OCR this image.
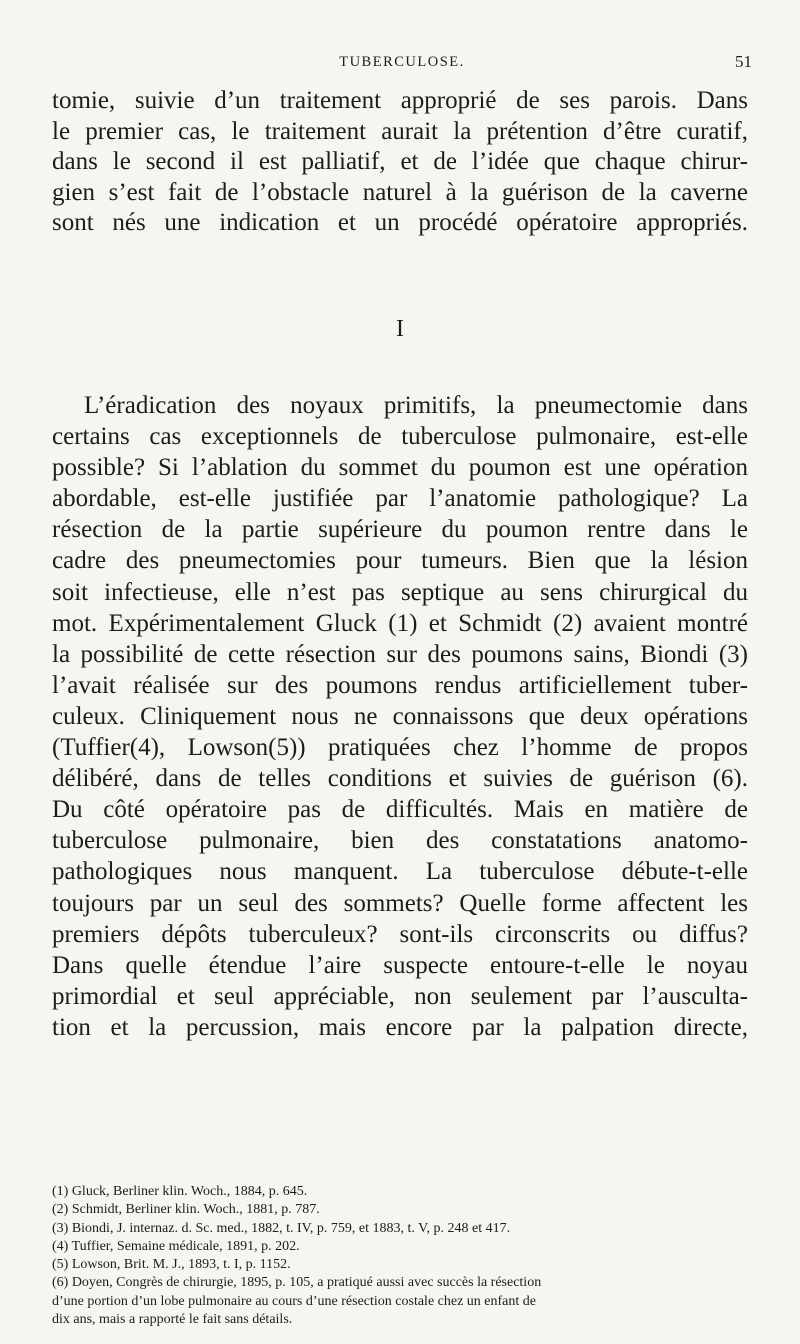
TUBERCULOSE.	51
tomie, suivie d’un traitement approprié de ses parois. Dans
le premier cas, le traitement aurait la prétention d’être curatif,
dans le second il est palliatif, et de l’idée que chaque chirur-
gien s’est fait de l’obstacle naturel à la guérison de la caverne
sont nés une indication et un procédé opératoire appropriés.
I
L’éradication des noyaux primitifs, la pneumectomie dans
certains cas exceptionnels de tuberculose pulmonaire, est-elle
possible? Si l’ablation du sommet du poumon est une opération
abordable, est-elle justifiée par l’anatomie pathologique? La
résection de la partie supérieure du poumon rentre dans le
cadre des pneumectomies pour tumeurs. Bien que la lésion
soit infectieuse, elle n’est pas septique au sens chirurgical du
mot. Expérimentalement Gluck (1) et Schmidt (2) avaient montré
la possibilité de cette résection sur des poumons sains, Biondi (3)
l’avait réalisée sur des poumons rendus artificiellement tuber-
culeux. Cliniquement nous ne connaissons que deux opérations
(Tuffier(4), Lowson(5)) pratiquées chez l’homme de propos
délibéré, dans de telles conditions et suivies de guérison (6).
Du côté opératoire pas de difficultés. Mais en matière de
tuberculose pulmonaire, bien des constatations anatomo-
pathologiques nous manquent. La tuberculose débute-t-elle
toujours par un seul des sommets? Quelle forme affectent les
premiers dépôts tuberculeux? sont-ils circonscrits ou diffus?
Dans quelle étendue l’aire suspecte entoure-t-elle le noyau
primordial et seul appréciable, non seulement par l’ausculta-
tion et la percussion, mais encore par la palpation directe,
(1) Gluck, Berliner klin. Woch., 1884, p. 645.
(2) Schmidt, Berliner klin. Woch., 1881, p. 787.
(3) Biondi, J. internaz. d. Sc. med., 1882, t. IV, p. 759, et 1883, t. V, p. 248 et 417.
(4) Tuffier, Semaine médicale, 1891, p. 202.
(5) Lowson, Brit. M. J., 1893, t. I, p. 1152.
(6) Doyen, Congrès de chirurgie, 1895, p. 105, a pratiqué aussi avec succès la résection
d’une portion d’un lobe pulmonaire au cours d’une résection costale chez un enfant de
dix ans, mais a rapporté le fait sans détails.
